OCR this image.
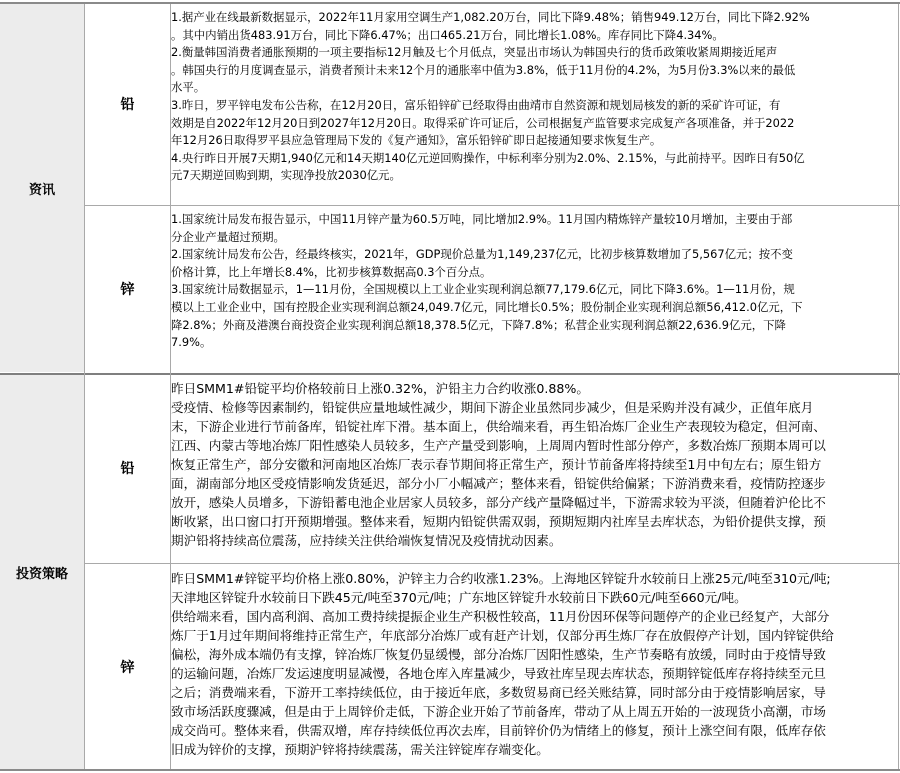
资讯
铅

1.据产业在线最新数据显示，2022年11月家用空调生产1,082.20万台，同比下降9.48%；销售949.12万台，同比下降2.92%
。其中内销出货483.91万台，同比下降6.47%；出口465.21万台，同比增长1.08%。库存同比下降4.34%。

2.衡量韩国消费者通胀预期的一项主要指标12月触及七个月低点，突显出市场认为韩国央行的货币政策收紧周期接近尾声
。韩国央行的月度调查显示，消费者预计未来12个月的通胀率中值为3.8%，低于11月份的4.2%，为5月份3.3%以来的最低
水平。

3.昨日，罗平锌电发布公告称，在12月20日，富乐铅锌矿已经取得由曲靖市自然资源和规划局核发的新的采矿许可证，有
效期是自2022年12月20日到2027年12月20日。取得采矿许可证后，公司根据复产监管要求完成复产各项准备，并于2022
年12月26日取得罗平县应急管理局下发的《复产通知》，富乐铅锌矿即日起接通知要求恢复生产。

4.央行昨日开展7天期1,940亿元和14天期140亿元逆回购操作，中标利率分别为2.0%、2.15%，与此前持平。因昨日有50亿
元7天期逆回购到期，实现净投放2030亿元。

锌

1.国家统计局发布报告显示，中国11月锌产量为60.5万吨，同比增加2.9%。11月国内精炼锌产量较10月增加，主要由于部
分企业产量超过预期。

2.国家统计局发布公告，经最终核实，2021年，GDP现价总量为1,149,237亿元，比初步核算数增加了5,567亿元；按不变
价格计算，比上年增长8.4%，比初步核算数据高0.3个百分点。

3.国家统计局数据显示，1—11月份，全国规模以上工业企业实现利润总额77,179.6亿元，同比下降3.6%。1—11月份，规
模以上工业企业中，国有控股企业实现利润总额24,049.7亿元，同比增长0.5%；股份制企业实现利润总额56,412.0亿元，下
降2.8%；外商及港澳台商投资企业实现利润总额18,378.5亿元，下降7.8%；私营企业实现利润总额22,636.9亿元，下降
7.9%。

投资策略
铅

昨日SMM1#铅锭平均价格较前日上涨0.32%，沪铅主力合约收涨0.88%。

受疫情、检修等因素制约，铅锭供应量地域性减少，期间下游企业虽然同步减少，但是采购并没有减少，正值年底月
末，下游企业进行节前备库，铅锭社库下滑。基本面上，供给端来看，再生铅冶炼厂企业生产表现较为稳定，但河南、
江西、内蒙古等地冶炼厂阳性感染人员较多，生产产量受到影响，上周周内暂时性部分停产，多数冶炼厂预期本周可以
恢复正常生产，部分安徽和河南地区冶炼厂表示春节期间将正常生产，预计节前备库将持续至1月中旬左右；原生铅方
面，湖南部分地区受疫情影响发货延迟，部分小厂小幅减产；整体来看，铅锭供给偏紧；下游消费来看，疫情防控逐步
放开，感染人员增多，下游铅蓄电池企业居家人员较多，部分产线产量降幅过半，下游需求较为平淡，但随着沪伦比不
断收紧，出口窗口打开预期增强。整体来看，短期内铅锭供需双弱，预期短期内社库呈去库状态，为铅价提供支撑，预
期沪铅将持续高位震荡，应持续关注供给端恢复情况及疫情扰动因素。

锌

昨日SMM1#锌锭平均价格上涨0.80%，沪锌主力合约收涨1.23%。上海地区锌锭升水较前日上涨25元/吨至310元/吨;
天津地区锌锭升水较前日下跌45元/吨至370元/吨；广东地区锌锭升水较前日下跌60元/吨至660元/吨。

供给端来看，国内高利润、高加工费持续提振企业生产积极性较高，11月份因环保等问题停产的企业已经复产，大部分
炼厂于1月过年期间将维持正常生产，年底部分冶炼厂或有赶产计划，仅部分再生炼厂存在放假停产计划，国内锌锭供给
偏松，海外成本端仍有支撑，锌冶炼厂恢复仍显缓慢，部分冶炼厂因阳性感染，生产节奏略有放缓，同时由于疫情导致
的运输问题，冶炼厂发运速度明显减慢，各地仓库入库量减少，导致社库呈现去库状态，预期锌锭低库存将持续至元旦
之后；消费端来看，下游开工率持续低位，由于接近年底，多数贸易商已经关账结算，同时部分由于疫情影响居家，导
致市场活跃度骤减，但是由于上周锌价走低，下游企业开始了节前备库，带动了从上周五开始的一波现货小高潮，市场
成交尚可。整体来看，供需双增，库存持续低位再次去库，目前锌价仍为情绪上的修复，预计上涨空间有限，低库存依
旧成为锌价的支撑，预期沪锌将持续震荡，需关注锌锭库存端变化。
